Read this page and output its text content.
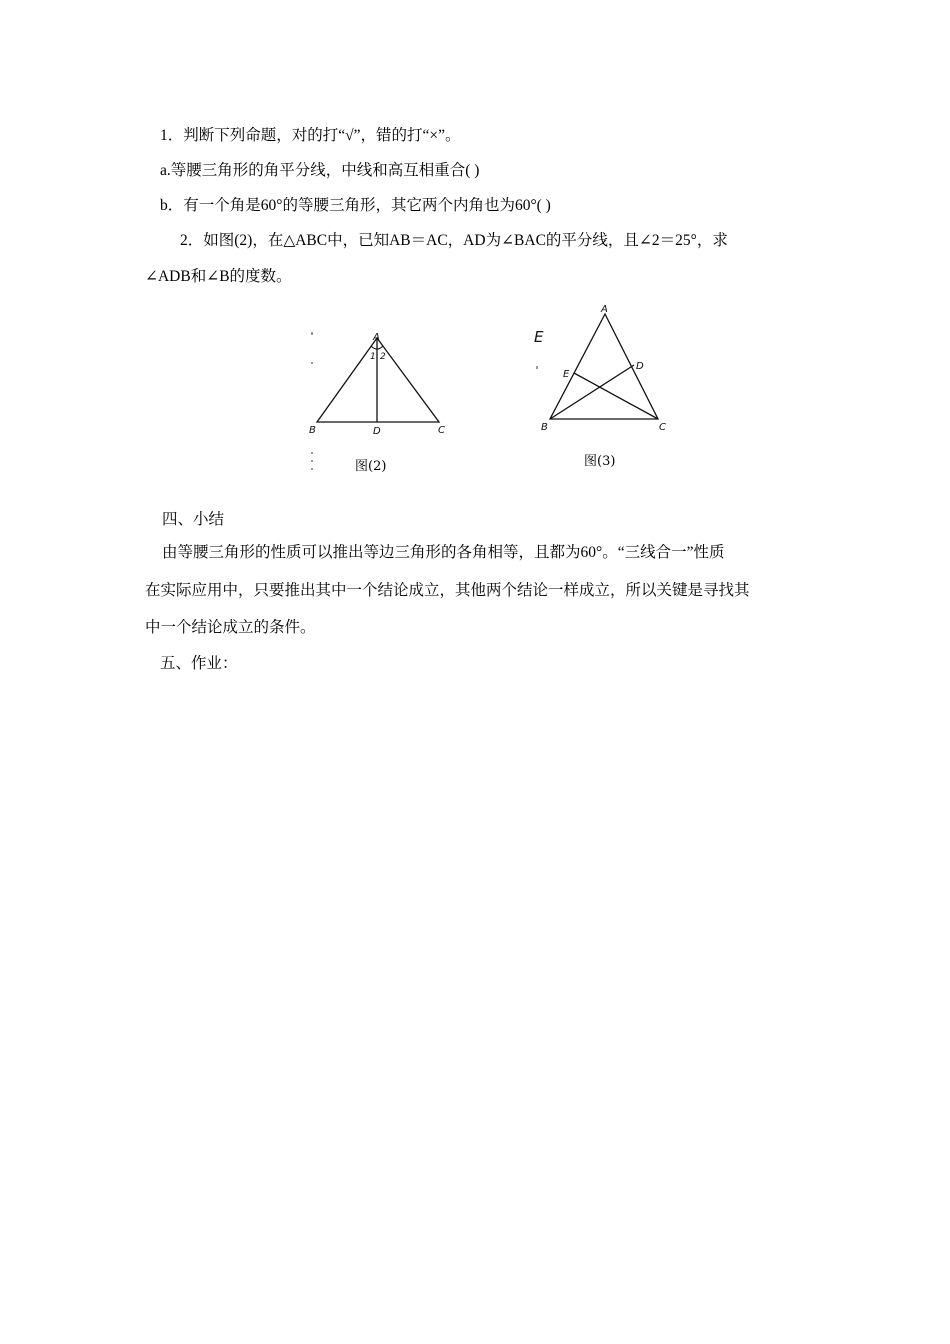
1．判断下列命题，对的打“√”，错的打“×”。
a.等腰三角形的角平分线，中线和高互相重合( )
b．有一个角是60°的等腰三角形，其它两个内角也为60°( )
2．如图(2)，在△ABC中，已知AB＝AC，AD为∠BAC的平分线，且∠2＝25°，求
∠ADB和∠B的度数。
A
1 2
B	D	C
图(2)
E
A
E
D
B	C
图(3)
四、小结
由等腰三角形的性质可以推出等边三角形的各角相等，且都为60°。“三线合一”性质
在实际应用中，只要推出其中一个结论成立，其他两个结论一样成立，所以关键是寻找其
中一个结论成立的条件。
五、作业：
